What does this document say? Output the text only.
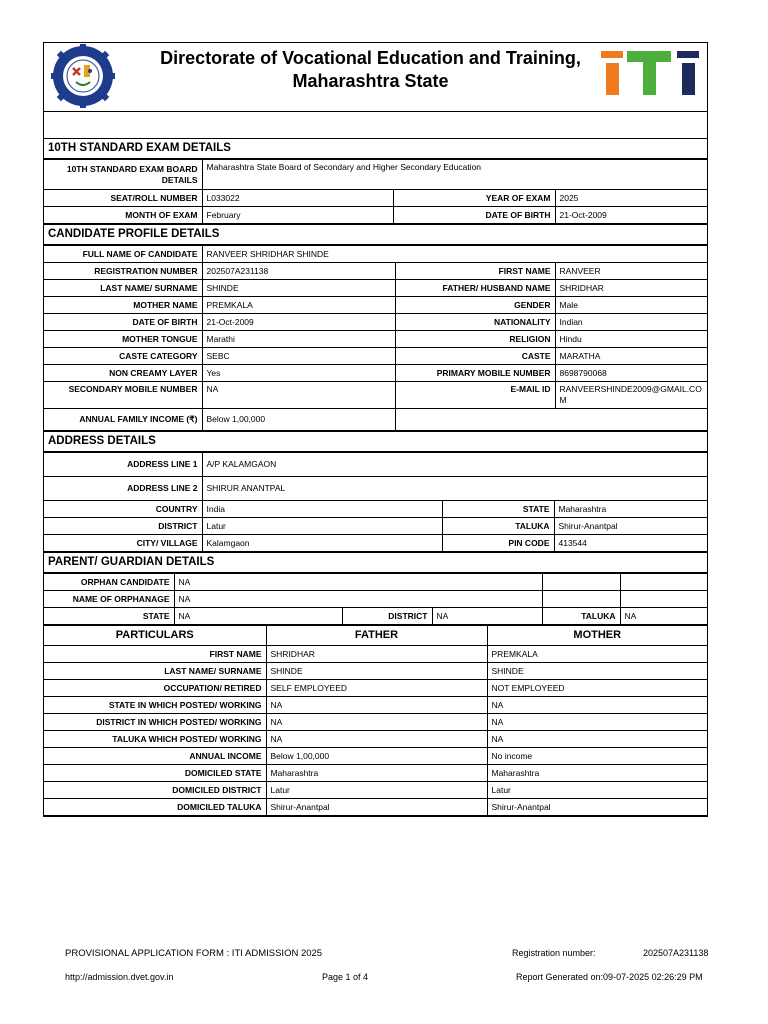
Directorate of Vocational Education and Training,
Maharashtra State
10TH STANDARD EXAM DETAILS
10TH STANDARD EXAM BOARD DETAILS	Maharashtra State Board of Secondary and Higher Secondary Education		
SEAT/ROLL NUMBER	L033022	YEAR OF EXAM	2025
MONTH OF EXAM	February	DATE OF BIRTH	21-Oct-2009
CANDIDATE PROFILE DETAILS
FULL NAME OF CANDIDATE	RANVEER SHRIDHAR SHINDE		
REGISTRATION NUMBER	202507A231138	FIRST NAME	RANVEER
LAST NAME/ SURNAME	SHINDE	FATHER/ HUSBAND NAME	SHRIDHAR
MOTHER NAME	PREMKALA	GENDER	Male
DATE OF BIRTH	21-Oct-2009	NATIONALITY	Indian
MOTHER TONGUE	Marathi	RELIGION	Hindu
CASTE CATEGORY	SEBC	CASTE	MARATHA
NON CREAMY LAYER	Yes	PRIMARY MOBILE NUMBER	8698790068
SECONDARY MOBILE NUMBER	NA	E-MAIL ID	RANVEERSHINDE2009@GMAIL.COM
ANNUAL FAMILY INCOME (₹)	Below 1,00,000		
ADDRESS DETAILS
ADDRESS LINE 1	A/P KALAMGAON		
ADDRESS LINE 2	SHIRUR ANANTPAL		
COUNTRY	India	STATE	Maharashtra
DISTRICT	Latur	TALUKA	Shirur-Anantpal
CITY/ VILLAGE	Kalamgaon	PIN CODE	413544
PARENT/ GUARDIAN DETAILS
ORPHAN CANDIDATE	NA				
NAME OF ORPHANAGE	NA				
STATE	NA	DISTRICT	NA	TALUKA	NA
PARTICULARS	FATHER	MOTHER
FIRST NAME	SHRIDHAR	PREMKALA
LAST NAME/ SURNAME	SHINDE	SHINDE
OCCUPATION/ RETIRED	SELF EMPLOYEED	NOT EMPLOYEED
STATE IN WHICH POSTED/ WORKING	NA	NA
DISTRICT IN WHICH POSTED/ WORKING	NA	NA
TALUKA WHICH POSTED/ WORKING	NA	NA
ANNUAL INCOME	Below 1,00,000	No income
DOMICILED STATE	Maharashtra	Maharashtra
DOMICILED DISTRICT	Latur	Latur
DOMICILED TALUKA	Shirur-Anantpal	Shirur-Anantpal
PROVISIONAL APPLICATION FORM : ITI ADMISSION 2025	Registration number:	202507A231138
http://admission.dvet.gov.in	Page 1 of 4	Report Generated on:09-07-2025 02:26:29 PM
